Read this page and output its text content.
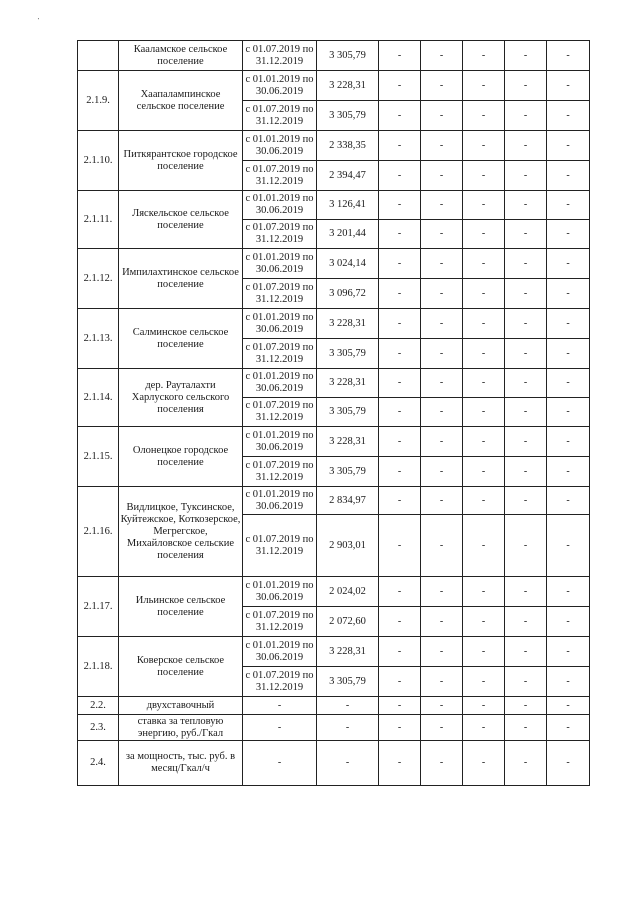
ॱ
	Кааламское сельское поселение	с 01.07.2019 по 31.12.2019	3 305,79	-	-	-	-	-
2.1.9.	Хаапалампинское сельское поселение	с 01.01.2019 по 30.06.2019	3 228,31	-	-	-	-	-
		с 01.07.2019 по 31.12.2019	3 305,79	-	-	-	-	-
2.1.10.	Питкярантское городское поселение	с 01.01.2019 по 30.06.2019	2 338,35	-	-	-	-	-
		с 01.07.2019 по 31.12.2019	2 394,47	-	-	-	-	-
2.1.11.	Ляскельское сельское поселение	с 01.01.2019 по 30.06.2019	3 126,41	-	-	-	-	-
		с 01.07.2019 по 31.12.2019	3 201,44	-	-	-	-	-
2.1.12.	Импилахтинское сельское поселение	с 01.01.2019 по 30.06.2019	3 024,14	-	-	-	-	-
		с 01.07.2019 по 31.12.2019	3 096,72	-	-	-	-	-
2.1.13.	Салминское сельское поселение	с 01.01.2019 по 30.06.2019	3 228,31	-	-	-	-	-
		с 01.07.2019 по 31.12.2019	3 305,79	-	-	-	-	-
2.1.14.	дер. Рауталахти Харлуского сельского поселения	с 01.01.2019 по 30.06.2019	3 228,31	-	-	-	-	-
		с 01.07.2019 по 31.12.2019	3 305,79	-	-	-	-	-
2.1.15.	Олонецкое городское поселение	с 01.01.2019 по 30.06.2019	3 228,31	-	-	-	-	-
		с 01.07.2019 по 31.12.2019	3 305,79	-	-	-	-	-
2.1.16.	Видлицкое, Туксинское, Куйтежское, Коткозерское, Мегрегское, Михайловское сельские поселения	с 01.01.2019 по 30.06.2019	2 834,97	-	-	-	-	-
		с 01.07.2019 по 31.12.2019	2 903,01	-	-	-	-	-
2.1.17.	Ильинское сельское поселение	с 01.01.2019 по 30.06.2019	2 024,02	-	-	-	-	-
		с 01.07.2019 по 31.12.2019	2 072,60	-	-	-	-	-
2.1.18.	Коверское сельское поселение	с 01.01.2019 по 30.06.2019	3 228,31	-	-	-	-	-
		с 01.07.2019 по 31.12.2019	3 305,79	-	-	-	-	-
2.2.	двухставочный	-	-	-	-	-	-	-
2.3.	ставка за тепловую энергию, руб./Гкал	-	-	-	-	-	-	-
2.4.	за мощность, тыс. руб. в месяц/Гкал/ч	-	-	-	-	-	-	-
